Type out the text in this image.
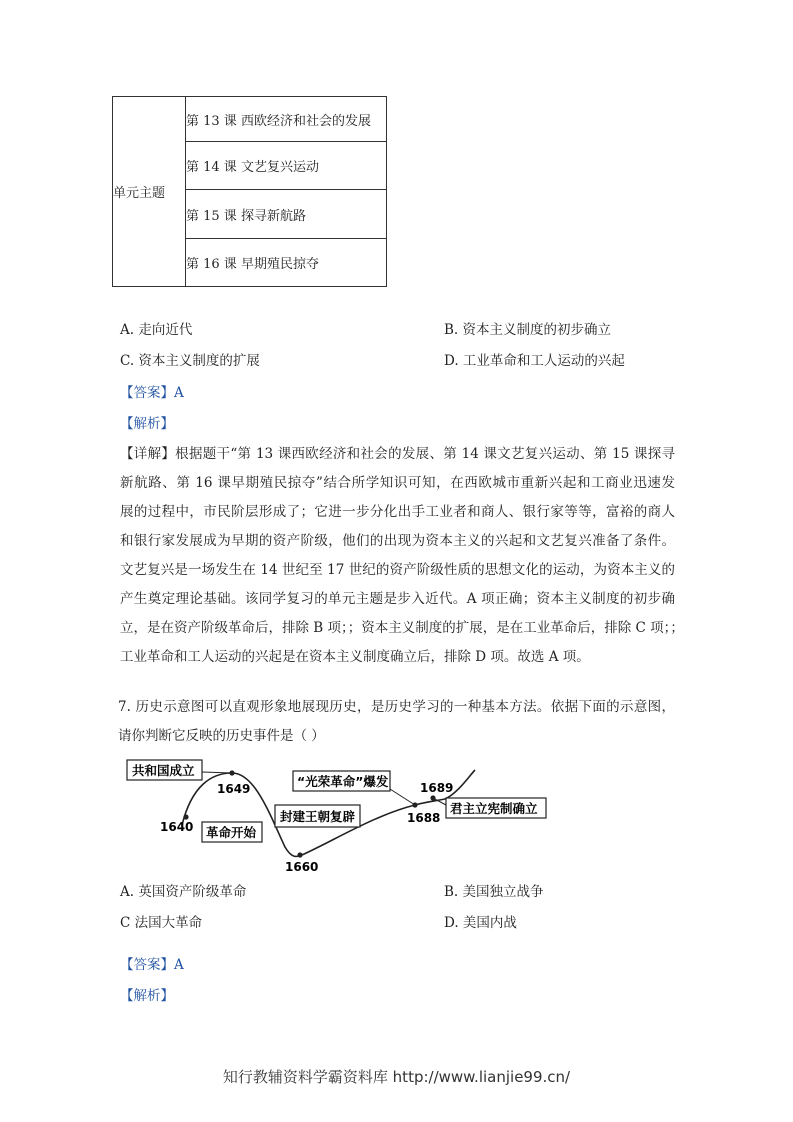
单元主题	第 13 课 西欧经济和社会的发展
第 14 课 文艺复兴运动
第 15 课 探寻新航路
第 16 课 早期殖民掠夺
A. 走向近代	B. 资本主义制度的初步确立
C. 资本主义制度的扩展	D. 工业革命和工人运动的兴起
【答案】A
【解析】
【详解】根据题干“第 13 课西欧经济和社会的发展、第 14 课文艺复兴运动、第 15 课探寻
新航路、第 16 课早期殖民掠夺”结合所学知识可知，在西欧城市重新兴起和工商业迅速发
展的过程中，市民阶层形成了；它进一步分化出手工业者和商人、银行家等等，富裕的商人
和银行家发展成为早期的资产阶级，他们的出现为资本主义的兴起和文艺复兴准备了条件。
文艺复兴是一场发生在 14 世纪至 17 世纪的资产阶级性质的思想文化的运动，为资本主义的
产生奠定理论基础。该同学复习的单元主题是步入近代。A 项正确；资本主义制度的初步确
立，是在资产阶级革命后，排除 B 项；；资本主义制度的扩展，是在工业革命后，排除 C 项；；
工业革命和工人运动的兴起是在资本主义制度确立后，排除 D 项。故选 A 项。
7. 历史示意图可以直观形象地展现历史，是历史学习的一种基本方法。依据下面的示意图，
请你判断它反映的历史事件是（ ）
共和国成立
革命开始
封建王朝复辟
“光荣革命”爆发
君主立宪制确立
1640
1649
1660
1688
1689
A. 英国资产阶级革命	B. 美国独立战争
C 法国大革命	D. 美国内战
【答案】A
【解析】
知行教辅资料学霸资料库 http://www.lianjie99.cn/
